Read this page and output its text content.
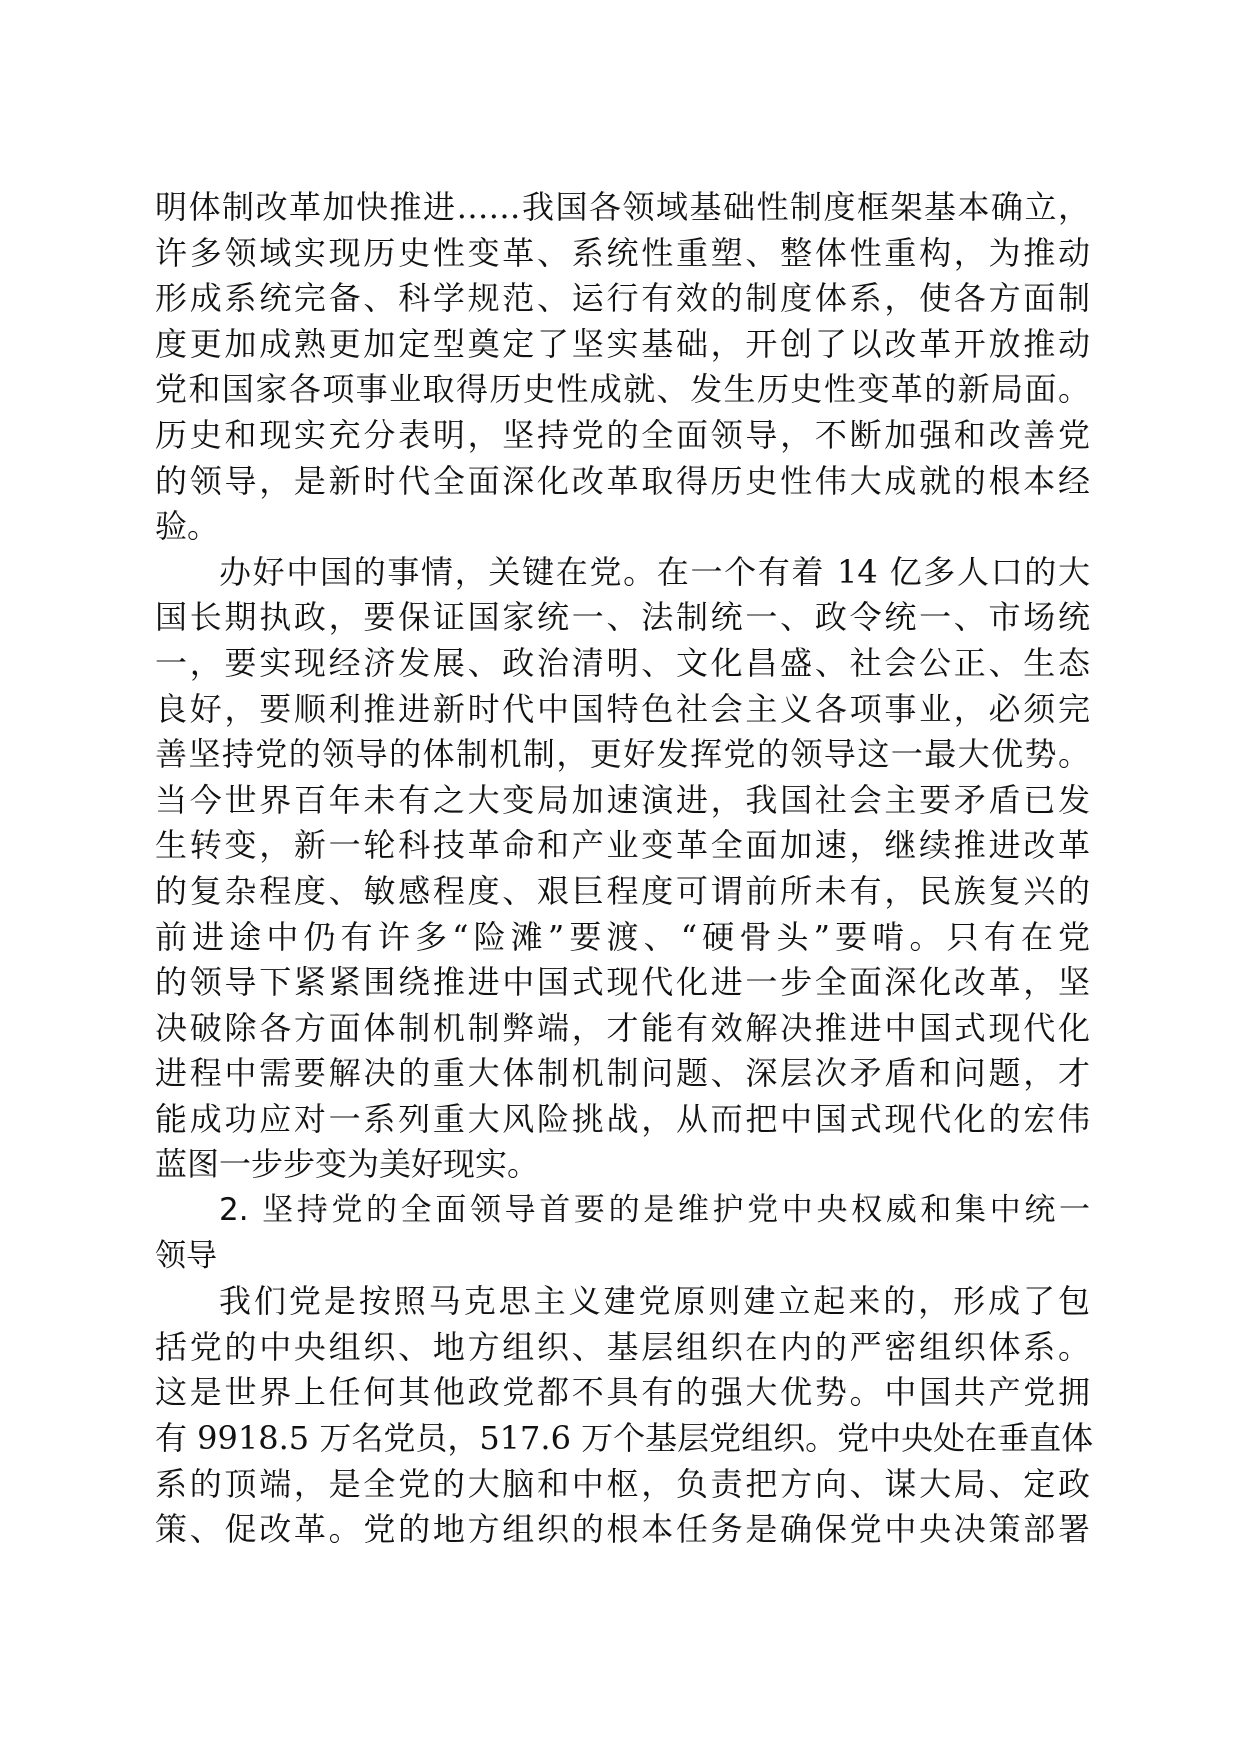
明体制改革加快推进……我国各领域基础性制度框架基本确立，
许多领域实现历史性变革、系统性重塑、整体性重构，为推动
形成系统完备、科学规范、运行有效的制度体系，使各方面制
度更加成熟更加定型奠定了坚实基础，开创了以改革开放推动
党和国家各项事业取得历史性成就、发生历史性变革的新局面。
历史和现实充分表明，坚持党的全面领导，不断加强和改善党
的领导，是新时代全面深化改革取得历史性伟大成就的根本经
验。
办好中国的事情，关键在党。在一个有着 14 亿多人口的大
国长期执政，要保证国家统一、法制统一、政令统一、市场统
一，要实现经济发展、政治清明、文化昌盛、社会公正、生态
良好，要顺利推进新时代中国特色社会主义各项事业，必须完
善坚持党的领导的体制机制，更好发挥党的领导这一最大优势。
当今世界百年未有之大变局加速演进，我国社会主要矛盾已发
生转变，新一轮科技革命和产业变革全面加速，继续推进改革
的复杂程度、敏感程度、艰巨程度可谓前所未有，民族复兴的
前进途中仍有许多“险滩”要渡、“硬骨头”要啃。只有在党
的领导下紧紧围绕推进中国式现代化进一步全面深化改革，坚
决破除各方面体制机制弊端，才能有效解决推进中国式现代化
进程中需要解决的重大体制机制问题、深层次矛盾和问题，才
能成功应对一系列重大风险挑战，从而把中国式现代化的宏伟
蓝图一步步变为美好现实。
2. 坚持党的全面领导首要的是维护党中央权威和集中统一
领导
我们党是按照马克思主义建党原则建立起来的，形成了包
括党的中央组织、地方组织、基层组织在内的严密组织体系。
这是世界上任何其他政党都不具有的强大优势。中国共产党拥
有 9918.5 万名党员，517.6 万个基层党组织。党中央处在垂直体
系的顶端，是全党的大脑和中枢，负责把方向、谋大局、定政
策、促改革。党的地方组织的根本任务是确保党中央决策部署
